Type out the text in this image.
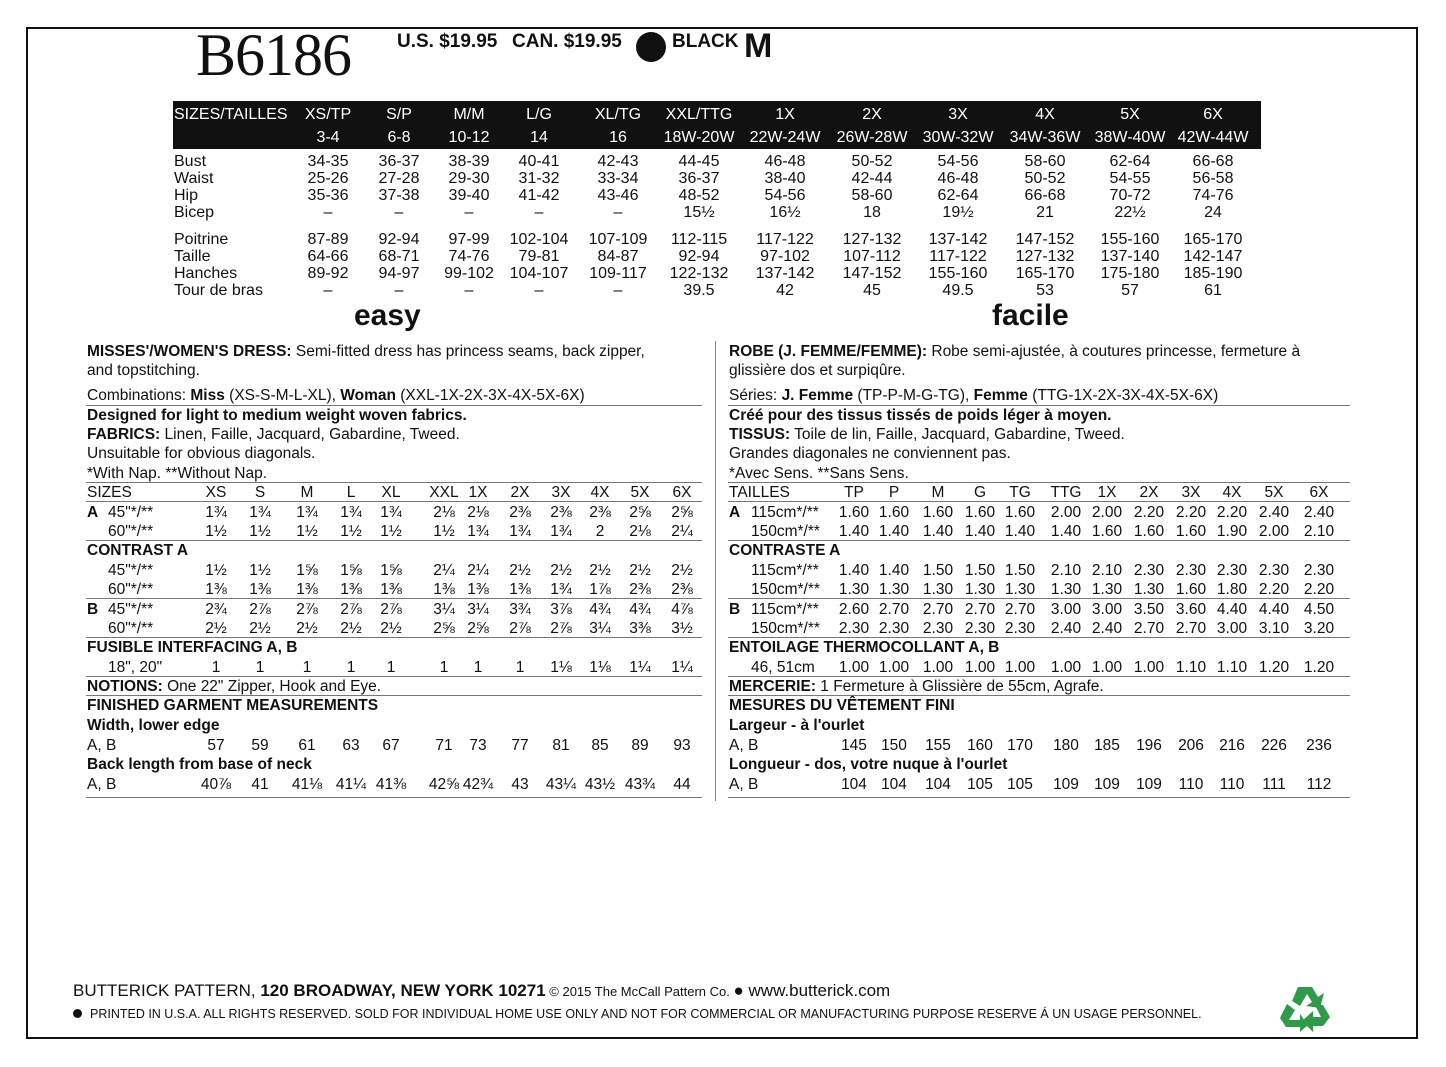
B6186 U.S. $19.95 CAN. $19.95	BLACK M
SIZES/TAILLES XS/TP S/P	M/M	L/G	XL/TG XXL/TTG	1X	2X	3X	4X	5X	6X
3-4	6-8 10-12	14	16 18W-20W 22W-24W 26W-28W 30W-32W 34W-36W 38W-40W 42W-44W
Bust	34-35 36-37 38-39 40-41 42-43	44-45	46-48	50-52	54-56	58-60	62-64	66-68
Waist	25-26 27-28 29-30 31-32 33-34	36-37	38-40	42-44	46-48	50-52	54-55	56-58
Hip	35-36 37-38 39-40 41-42 43-46	48-52	54-56	58-60	62-64	66-68	70-72	74-76
Bicep	–	–	–	–	–	15½	16½	18	19½	21	22½	24
Poitrine	87-89 92-94 97-99 102-104 107-109 112-115 117-122 127-132 137-142 147-152 155-160 165-170
Taille	64-66 68-71 74-76 79-81 84-87	92-94	97-102 107-112 117-122 127-132 137-140 142-147
Hanches	89-92 94-97 99-102 104-107 109-117 122-132 137-142 147-152 155-160 165-170 175-180 185-190
Tour de bras	–	–	–	–	–	39.5	42	45	49.5	53	57	61
easy	facile
MISSES'/WOMEN'S DRESS: Semi-fitted dress has princess seams, back zipper,
and topstitching.
Combinations: Miss (XS-S-M-L-XL), Woman (XXL-1X-2X-3X-4X-5X-6X)
Designed for light to medium weight woven fabrics.
FABRICS: Linen, Faille, Jacquard, Gabardine, Tweed.
Unsuitable for obvious diagonals.
*With Nap. **Without Nap.
SIZES	XS S M L XL XXL 1X 2X 3X 4X 5X 6X
A 45"*/**	1¾ 1¾ 1¾ 1¾ 1¾ 2⅛ 2⅛ 2⅜ 2⅜ 2⅜ 2⅝ 2⅝
60"*/**	1½ 1½ 1½ 1½ 1½ 1½ 1¾ 1¾ 1¾ 2 2⅛ 2¼
CONTRAST A
45"*/**	1½ 1½ 1⅝ 1⅝ 1⅝ 2¼ 2¼ 2½ 2½ 2½ 2½ 2½
60"*/**	1⅜ 1⅜ 1⅜ 1⅜ 1⅜ 1⅜ 1⅜ 1⅜ 1¾ 1⅞ 2⅜ 2⅜
B 45"*/**	2¾ 2⅞ 2⅞ 2⅞ 2⅞ 3¼ 3¼ 3¾ 3⅞ 4¾ 4¾ 4⅞
60"*/**	2½ 2½ 2½ 2½ 2½ 2⅝ 2⅝ 2⅞ 2⅞ 3¼ 3⅜ 3½
FUSIBLE INTERFACING A, B
18", 20"	1 1 1 1 1	1 1 1 1⅛ 1⅛ 1¼ 1¼
NOTIONS: One 22" Zipper, Hook and Eye.
FINISHED GARMENT MEASUREMENTS
Width, lower edge
A, B	57 59 61 63 67 71 73 77 81 85 89 93
Back length from base of neck
A, B	40⅞ 41 41⅛ 41¼ 41⅜ 42⅝ 42¾ 43 43¼ 43½ 43¾ 44
ROBE (J. FEMME/FEMME): Robe semi-ajustée, à coutures princesse, fermeture à
glissière dos et surpiqûre.
Séries: J. Femme (TP-P-M-G-TG), Femme (TTG-1X-2X-3X-4X-5X-6X)
Créé pour des tissus tissés de poids léger à moyen.
TISSUS: Toile de lin, Faille, Jacquard, Gabardine, Tweed.
Grandes diagonales ne conviennent pas.
*Avec Sens. **Sans Sens.
TAILLES	TP P M G TG TTG 1X 2X 3X 4X 5X 6X
A 115cm*/** 1.60 1.60 1.60 1.60 1.60 2.00 2.00 2.20 2.20 2.20 2.40 2.40
150cm*/** 1.40 1.40 1.40 1.40 1.40 1.40 1.60 1.60 1.60 1.90 2.00 2.10
CONTRASTE A
115cm*/** 1.40 1.40 1.50 1.50 1.50 2.10 2.10 2.30 2.30 2.30 2.30 2.30
150cm*/** 1.30 1.30 1.30 1.30 1.30 1.30 1.30 1.30 1.60 1.80 2.20 2.20
B 115cm*/** 2.60 2.70 2.70 2.70 2.70 3.00 3.00 3.50 3.60 4.40 4.40 4.50
150cm*/** 2.30 2.30 2.30 2.30 2.30 2.40 2.40 2.70 2.70 3.00 3.10 3.20
ENTOILAGE THERMOCOLLANT A, B
46, 51cm 1.00 1.00 1.00 1.00 1.00 1.00 1.00 1.00 1.10 1.10 1.20 1.20
MERCERIE: 1 Fermeture à Glissière de 55cm, Agrafe.
MESURES DU VÊTEMENT FINI
Largeur - à l'ourlet
A, B	145 150 155 160 170 180 185 196 206 216 226 236
Longueur - dos, votre nuque à l'ourlet
A, B	104 104 104 105 105 109 109 109 110 110 111 112
BUTTERICK PATTERN, 120 BROADWAY, NEW YORK 10271 © 2015 The McCall Pattern Co. ● www.butterick.com
PRINTED IN U.S.A. ALL RIGHTS RESERVED. SOLD FOR INDIVIDUAL HOME USE ONLY AND NOT FOR COMMERCIAL OR MANUFACTURING PURPOSE RESERVE Á UN USAGE PERSONNEL.
